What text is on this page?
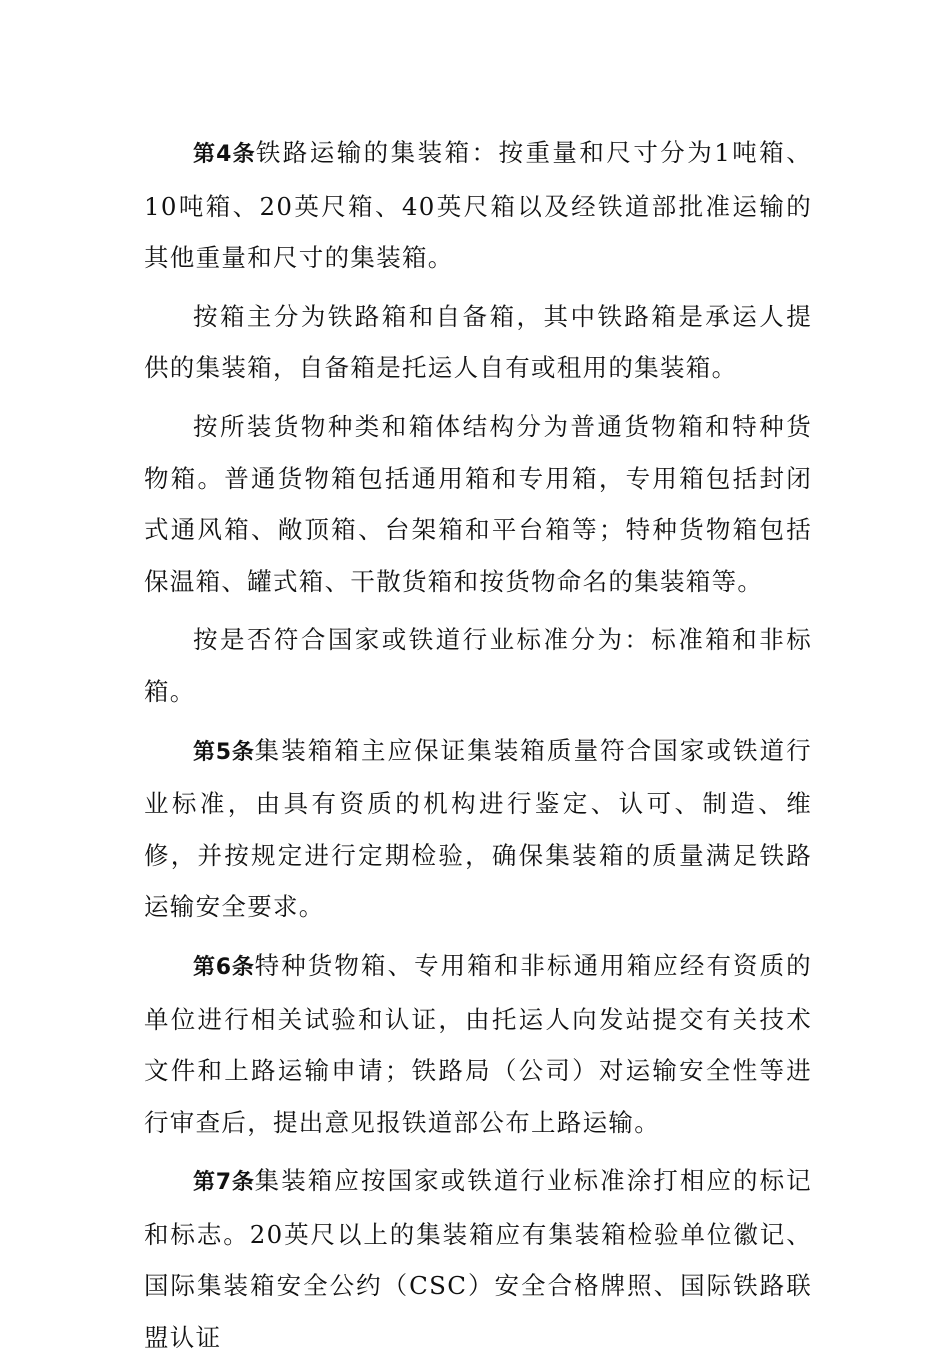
第4条铁路运输的集装箱：按重量和尺寸分为1吨箱、10吨箱、20英尺箱、40英尺箱以及经铁道部批准运输的其他重量和尺寸的集装箱。

按箱主分为铁路箱和自备箱，其中铁路箱是承运人提供的集装箱，自备箱是托运人自有或租用的集装箱。

按所装货物种类和箱体结构分为普通货物箱和特种货物箱。普通货物箱包括通用箱和专用箱，专用箱包括封闭式通风箱、敞顶箱、台架箱和平台箱等；特种货物箱包括保温箱、罐式箱、干散货箱和按货物命名的集装箱等。

按是否符合国家或铁道行业标准分为：标准箱和非标箱。

第5条集装箱箱主应保证集装箱质量符合国家或铁道行业标准，由具有资质的机构进行鉴定、认可、制造、维修，并按规定进行定期检验，确保集装箱的质量满足铁路运输安全要求。

第6条特种货物箱、专用箱和非标通用箱应经有资质的单位进行相关试验和认证，由托运人向发站提交有关技术文件和上路运输申请；铁路局（公司）对运输安全性等进行审查后，提出意见报铁道部公布上路运输。

第7条集装箱应按国家或铁道行业标准涂打相应的标记和标志。20英尺以上的集装箱应有集装箱检验单位徽记、国际集装箱安全公约（CSC）安全合格牌照、国际铁路联盟认证
